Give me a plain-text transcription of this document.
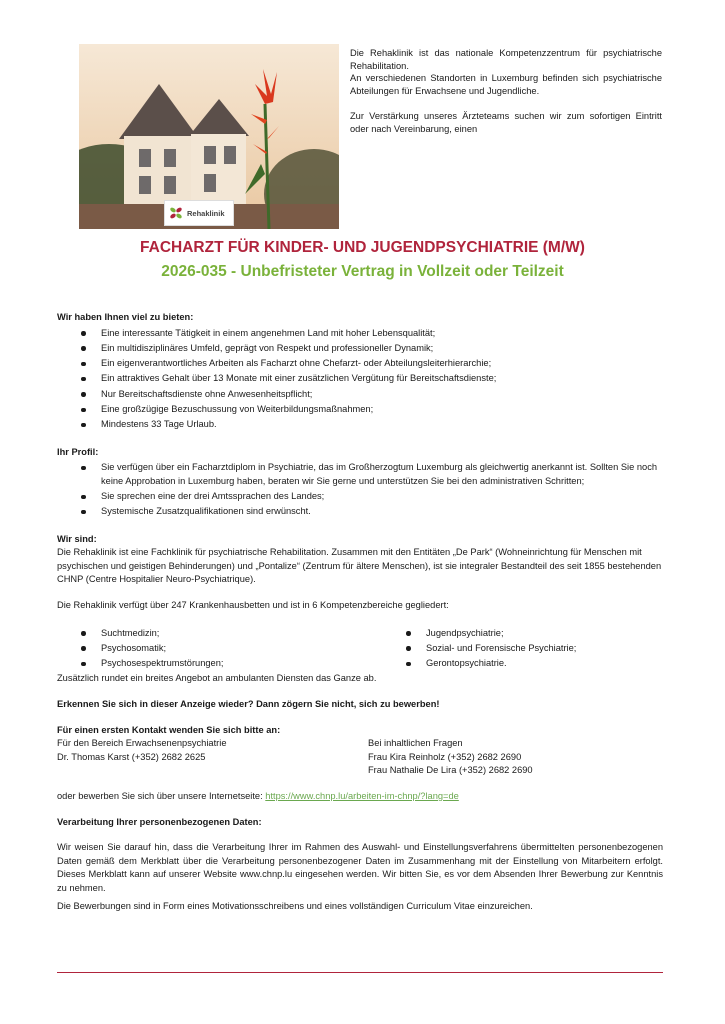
Rehaklinik

Die Rehaklinik ist das nationale Kompetenzzentrum für psychiatrische Rehabilitation.
An verschiedenen Standorten in Luxemburg befinden sich psychiatrische Abteilungen für Erwachsene und Jugendliche.

Zur Verstärkung unseres Ärzteteams suchen wir zum sofortigen Eintritt oder nach Vereinbarung, einen

FACHARZT FÜR KINDER- UND JUGENDPSYCHIATRIE (M/W)
2026-035 - Unbefristeter Vertrag in Vollzeit oder Teilzeit
Wir haben Ihnen viel zu bieten:
Eine interessante Tätigkeit in einem angenehmen Land mit hoher Lebensqualität;
Ein multidisziplinäres Umfeld, geprägt von Respekt und professioneller Dynamik;
Ein eigenverantwortliches Arbeiten als Facharzt ohne Chefarzt- oder Abteilungsleiterhierarchie;
Ein attraktives Gehalt über 13 Monate mit einer zusätzlichen Vergütung für Bereitschaftsdienste;
Nur Bereitschaftsdienste ohne Anwesenheitspflicht;
Eine großzügige Bezuschussung von Weiterbildungsmaßnahmen;
Mindestens 33 Tage Urlaub.
Ihr Profil:
Sie verfügen über ein Facharztdiplom in Psychiatrie, das im Großherzogtum Luxemburg als gleichwertig anerkannt ist. Sollten Sie noch keine Approbation in Luxemburg haben, beraten wir Sie gerne und unterstützen Sie bei den administrativen Schritten;
Sie sprechen eine der drei Amtssprachen des Landes;
Systemische Zusatzqualifikationen sind erwünscht.
Wir sind:

Die Rehaklinik ist eine Fachklinik für psychiatrische Rehabilitation. Zusammen mit den Entitäten „De Park“ (Wohneinrichtung für Menschen mit psychischen und geistigen Behinderungen) und „Pontalize“ (Zentrum für ältere Menschen), ist sie integraler Bestandteil des seit 1855 bestehenden CHNP (Centre Hospitalier Neuro-Psychiatrique).

Die Rehaklinik verfügt über 247 Krankenhausbetten und ist in 6 Kompetenzbereiche gegliedert:

Suchtmedizin;
Psychosomatik;
Psychosespektrumstörungen;
Jugendpsychiatrie;
Sozial- und Forensische Psychiatrie;
Gerontopsychiatrie.

Zusätzlich rundet ein breites Angebot an ambulanten Diensten das Ganze ab.

Erkennen Sie sich in dieser Anzeige wieder? Dann zögern Sie nicht, sich zu bewerben!
Für einen ersten Kontakt wenden Sie sich bitte an:

Für den Bereich Erwachsenenpsychiatrie

Dr. Thomas Karst (+352) 2682 2625

Bei inhaltlichen Fragen

Frau Kira Reinholz (+352) 2682 2690

Frau Nathalie De Lira (+352) 2682 2690

oder bewerben Sie sich über unsere Internetseite: https://www.chnp.lu/arbeiten-im-chnp/?lang=de

Verarbeitung Ihrer personenbezogenen Daten:

Wir weisen Sie darauf hin, dass die Verarbeitung Ihrer im Rahmen des Auswahl- und Einstellungsverfahrens übermittelten personenbezogenen Daten gemäß dem Merkblatt über die Verarbeitung personenbezogener Daten im Zusammenhang mit der Einstellung von Mitarbeitern erfolgt. Dieses Merkblatt kann auf unserer Website www.chnp.lu eingesehen werden. Wir bitten Sie, es vor dem Absenden Ihrer Bewerbung zur Kenntnis zu nehmen.

Die Bewerbungen sind in Form eines Motivationsschreibens und eines vollständigen Curriculum Vitae einzureichen.
